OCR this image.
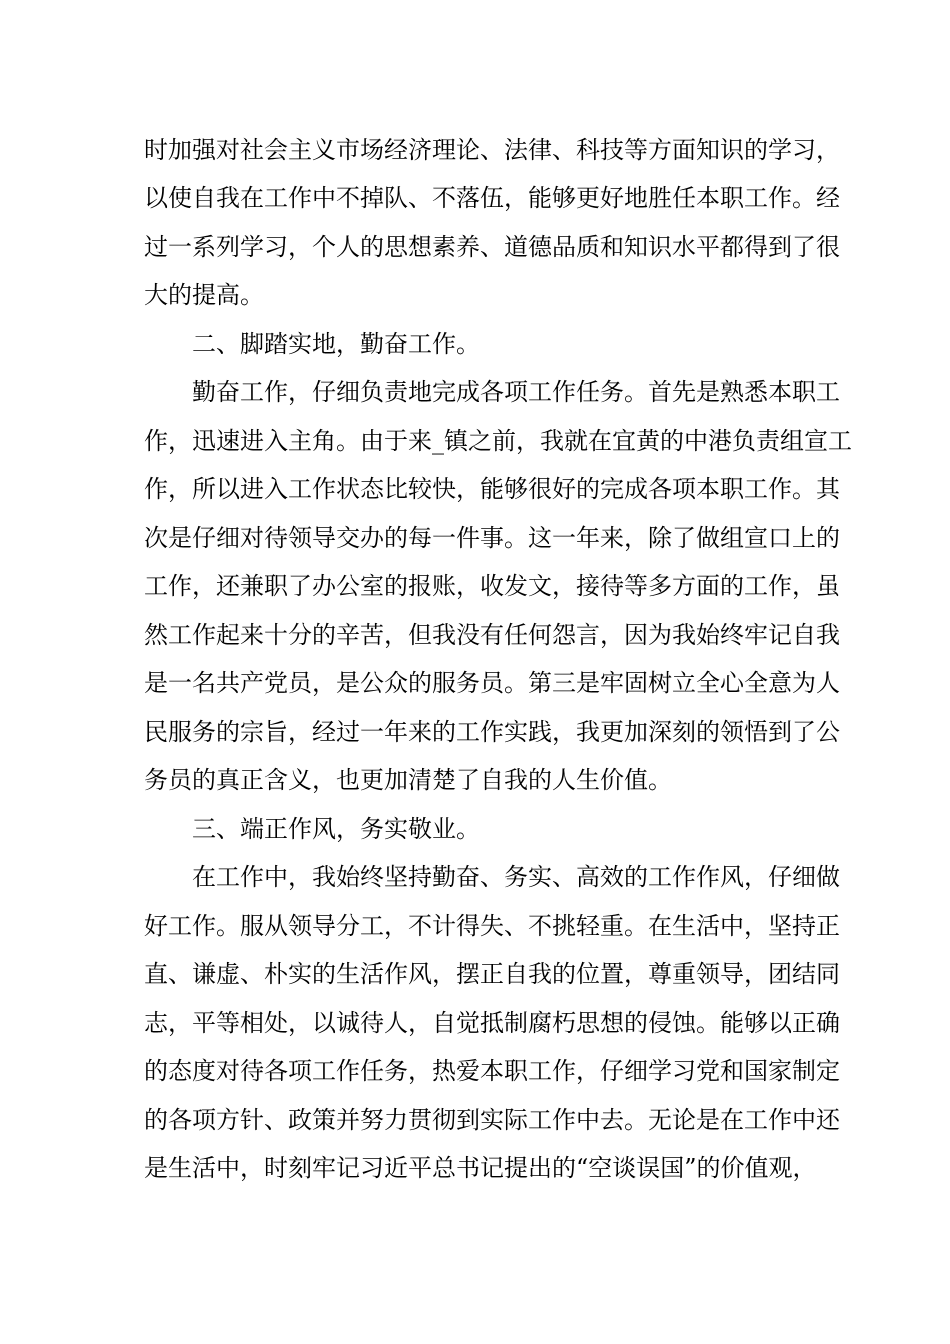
时加强对社会主义市场经济理论、法律、科技等方面知识的学习，
以使自我在工作中不掉队、不落伍，能够更好地胜任本职工作。经
过一系列学习，个人的思想素养、道德品质和知识水平都得到了很
大的提高。
二、脚踏实地，勤奋工作。
勤奋工作，仔细负责地完成各项工作任务。首先是熟悉本职工
作，迅速进入主角。由于来_镇之前，我就在宜黄的中港负责组宣工
作，所以进入工作状态比较快，能够很好的完成各项本职工作。其
次是仔细对待领导交办的每一件事。这一年来，除了做组宣口上的
工作，还兼职了办公室的报账，收发文，接待等多方面的工作，虽
然工作起来十分的辛苦，但我没有任何怨言，因为我始终牢记自我
是一名共产党员，是公众的服务员。第三是牢固树立全心全意为人
民服务的宗旨，经过一年来的工作实践，我更加深刻的领悟到了公
务员的真正含义，也更加清楚了自我的人生价值。
三、端正作风，务实敬业。
在工作中，我始终坚持勤奋、务实、高效的工作作风，仔细做
好工作。服从领导分工，不计得失、不挑轻重。在生活中，坚持正
直、谦虚、朴实的生活作风，摆正自我的位置，尊重领导，团结同
志，平等相处，以诚待人，自觉抵制腐朽思想的侵蚀。能够以正确
的态度对待各项工作任务，热爱本职工作，仔细学习党和国家制定
的各项方针、政策并努力贯彻到实际工作中去。无论是在工作中还
是生活中，时刻牢记习近平总书记提出的“空谈误国”的价值观，
